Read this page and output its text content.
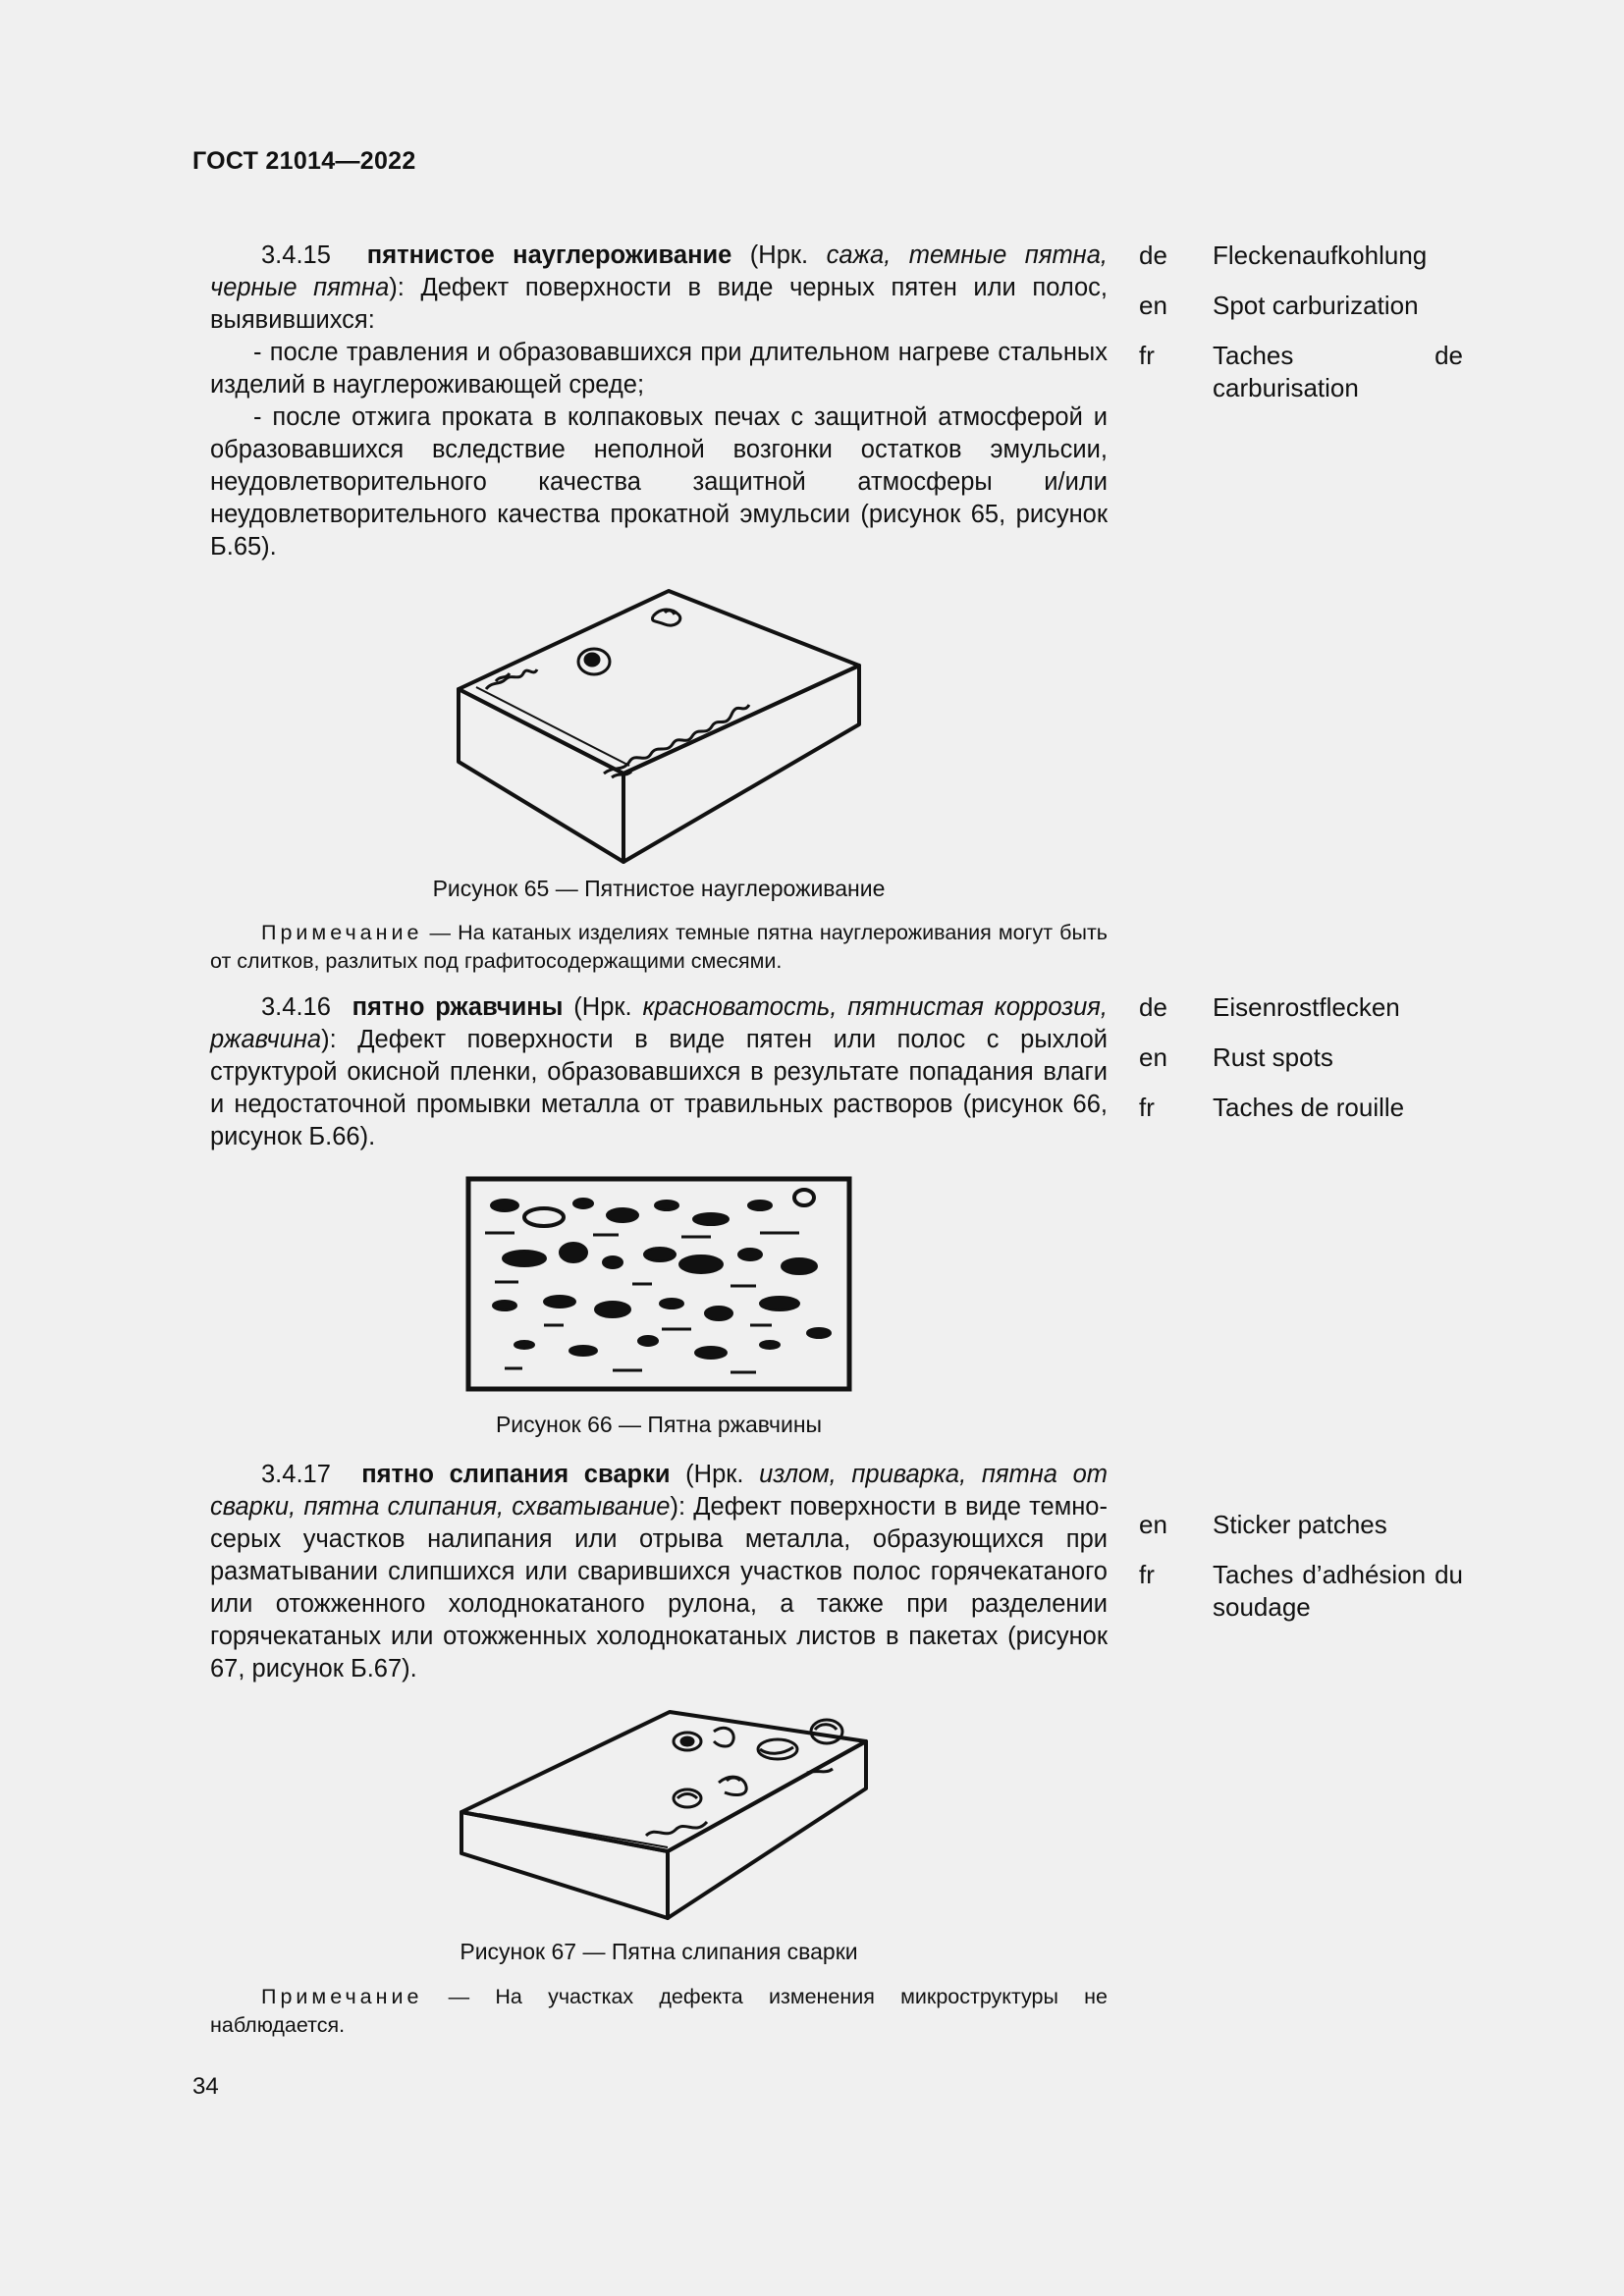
ГОСТ 21014—2022

3.4.15 пятнистое науглероживание (Нрк. сажа, темные пятна, черные пятна): Дефект поверхности в виде черных пятен или полос, выявившихся:

- после травления и образовавшихся при длительном нагреве стальных изделий в науглероживающей среде;

- после отжига проката в колпаковых печах с защитной атмосферой и образовавшихся вследствие неполной возгонки остатков эмульсии, неудовлетворительного качества защитной атмосферы и/или неудовлетворительного качества прокатной эмульсии (рисунок 65, рисунок Б.65).

de	Fleckenaufkohlung
en	Spot carburization
fr	Taches de carburisation
Рисунок 65 — Пятнистое науглероживание
Примечание — На катаных изделиях темные пятна науглероживания могут быть от слитков, разлитых под графитосодержащими смесями.

3.4.16 пятно ржавчины (Нрк. красноватость, пятнистая коррозия, ржавчина): Дефект поверхности в виде пятен или полос с рыхлой структурой окисной пленки, образовавшихся в результате попадания влаги и недостаточной промывки металла от травильных растворов (рисунок 66, рисунок Б.66).

de	Eisenrostflecken
en	Rust spots
fr	Taches de rouille
Рисунок 66 — Пятна ржавчины

3.4.17 пятно слипания сварки (Нрк. излом, приварка, пятна от сварки, пятна слипания, схватывание): Дефект поверхности в виде темно-серых участков налипания или отрыва металла, образующихся при разматывании слипшихся или сварившихся участков полос горячекатаного или отожженного холоднокатаного рулона, а также при разделении горячекатаных или отожженных холоднокатаных листов в пакетах (рисунок 67, рисунок Б.67).

en	Sticker patches
fr	Taches d’adhésion du soudage
Рисунок 67 — Пятна слипания сварки
Примечание — На участках дефекта изменения микроструктуры не наблюдается.
34
